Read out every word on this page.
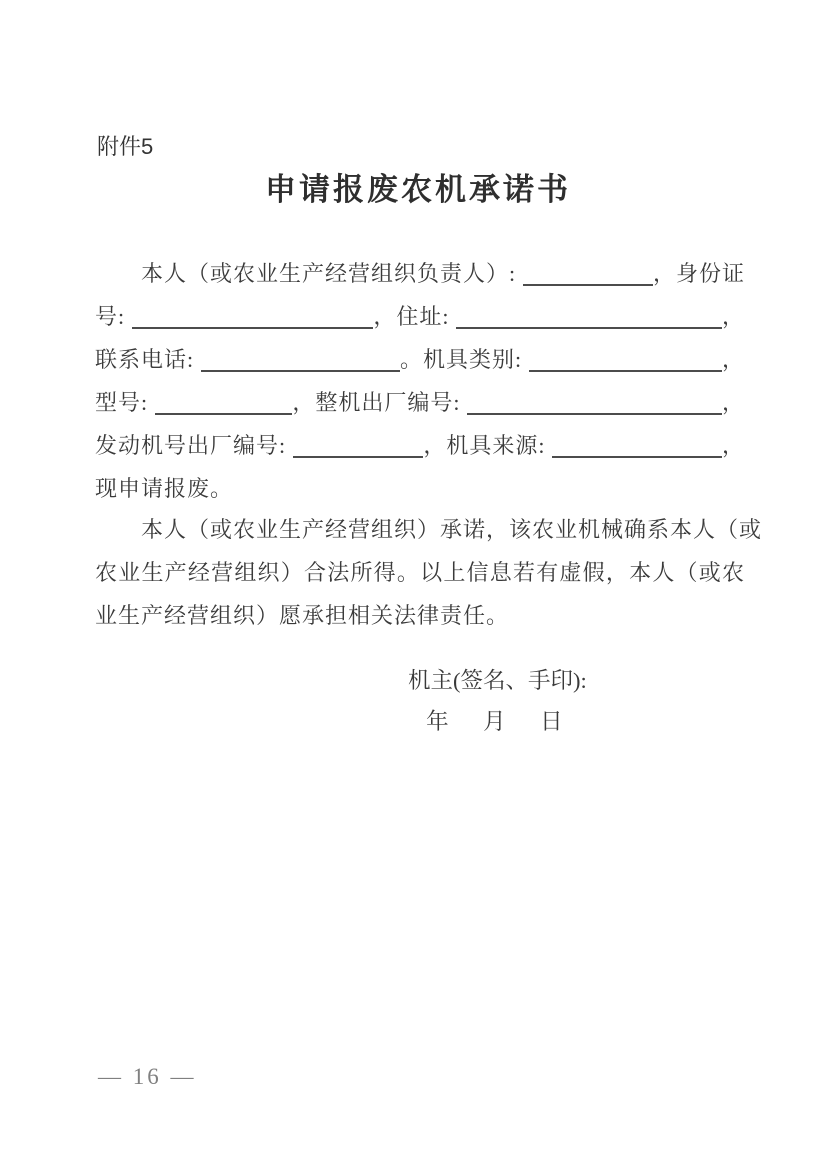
附件5
申请报废农机承诺书
本人（或农业生产经营组织负责人）:	，身份证
号:	，住址:	，
联系电话:	。机具类别:	，
型号:	，整机出厂编号:	，
发动机号出厂编号:	，机具来源:	，
现申请报废。
本人（或农业生产经营组织）承诺，该农业机械确系本人（或
农业生产经营组织）合法所得。以上信息若有虚假，本人（或农
业生产经营组织）愿承担相关法律责任。
机主(签名、手印):
年　月　日
— 16 —
